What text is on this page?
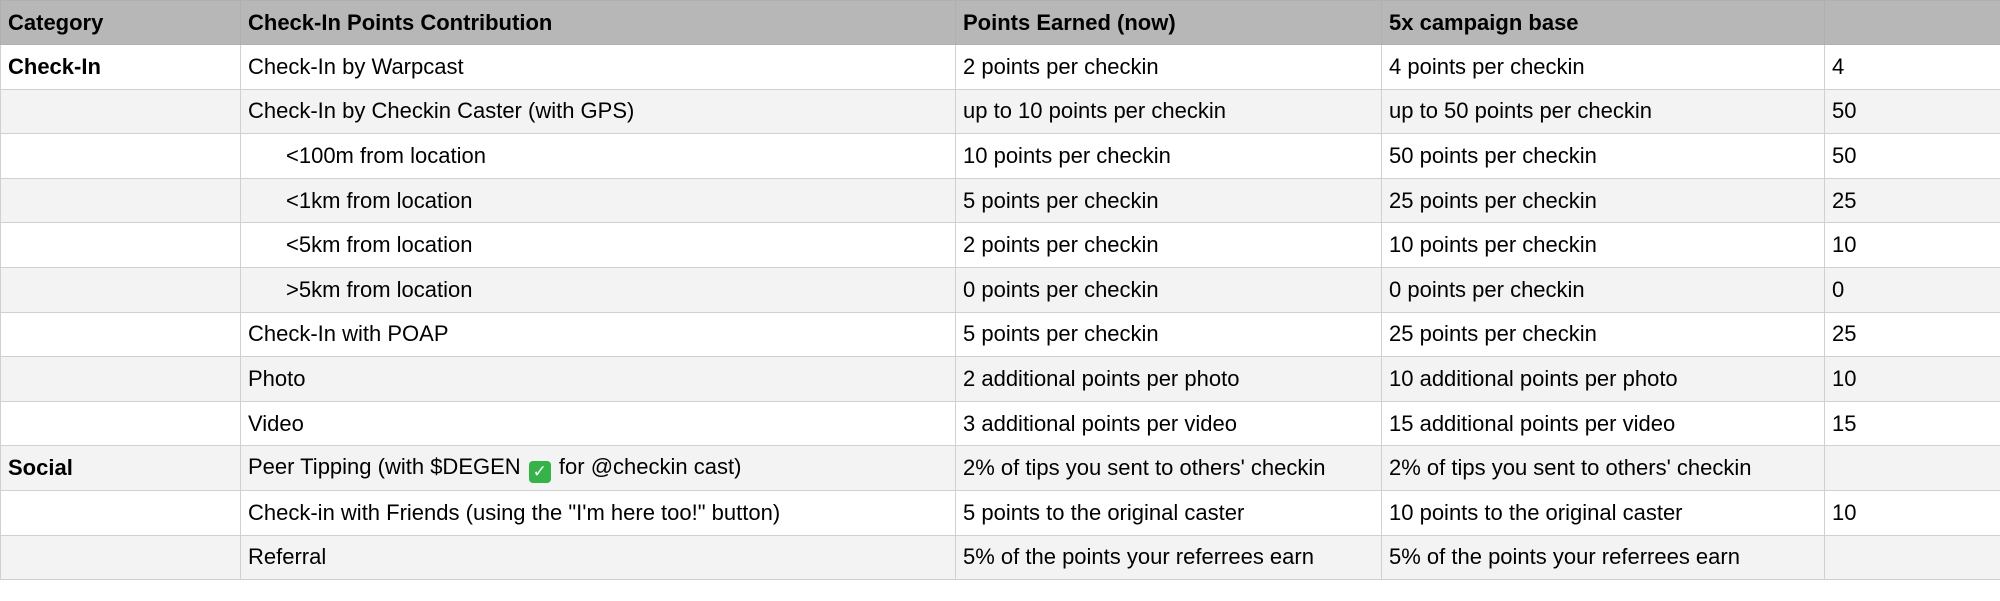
Category	Check-In Points Contribution	Points Earned (now)	5x campaign base	
Check-In	Check-In by Warpcast	2 points per checkin	4 points per checkin	4
	Check-In by Checkin Caster (with GPS)	up to 10 points per checkin	up to 50 points per checkin	50
	<100m from location	10 points per checkin	50 points per checkin	50
	<1km from location	5 points per checkin	25 points per checkin	25
	<5km from location	2 points per checkin	10 points per checkin	10
	>5km from location	0 points per checkin	0 points per checkin	0
	Check-In with POAP	5 points per checkin	25 points per checkin	25
	Photo	2 additional points per photo	10 additional points per photo	10
	Video	3 additional points per video	15 additional points per video	15
Social	Peer Tipping (with $DEGEN ✓ for @checkin cast)	2% of tips you sent to others' checkin	2% of tips you sent to others' checkin	
	Check-in with Friends (using the "I'm here too!" button)	5 points to the original caster	10 points to the original caster	10
	Referral	5% of the points your referrees earn	5% of the points your referrees earn	
